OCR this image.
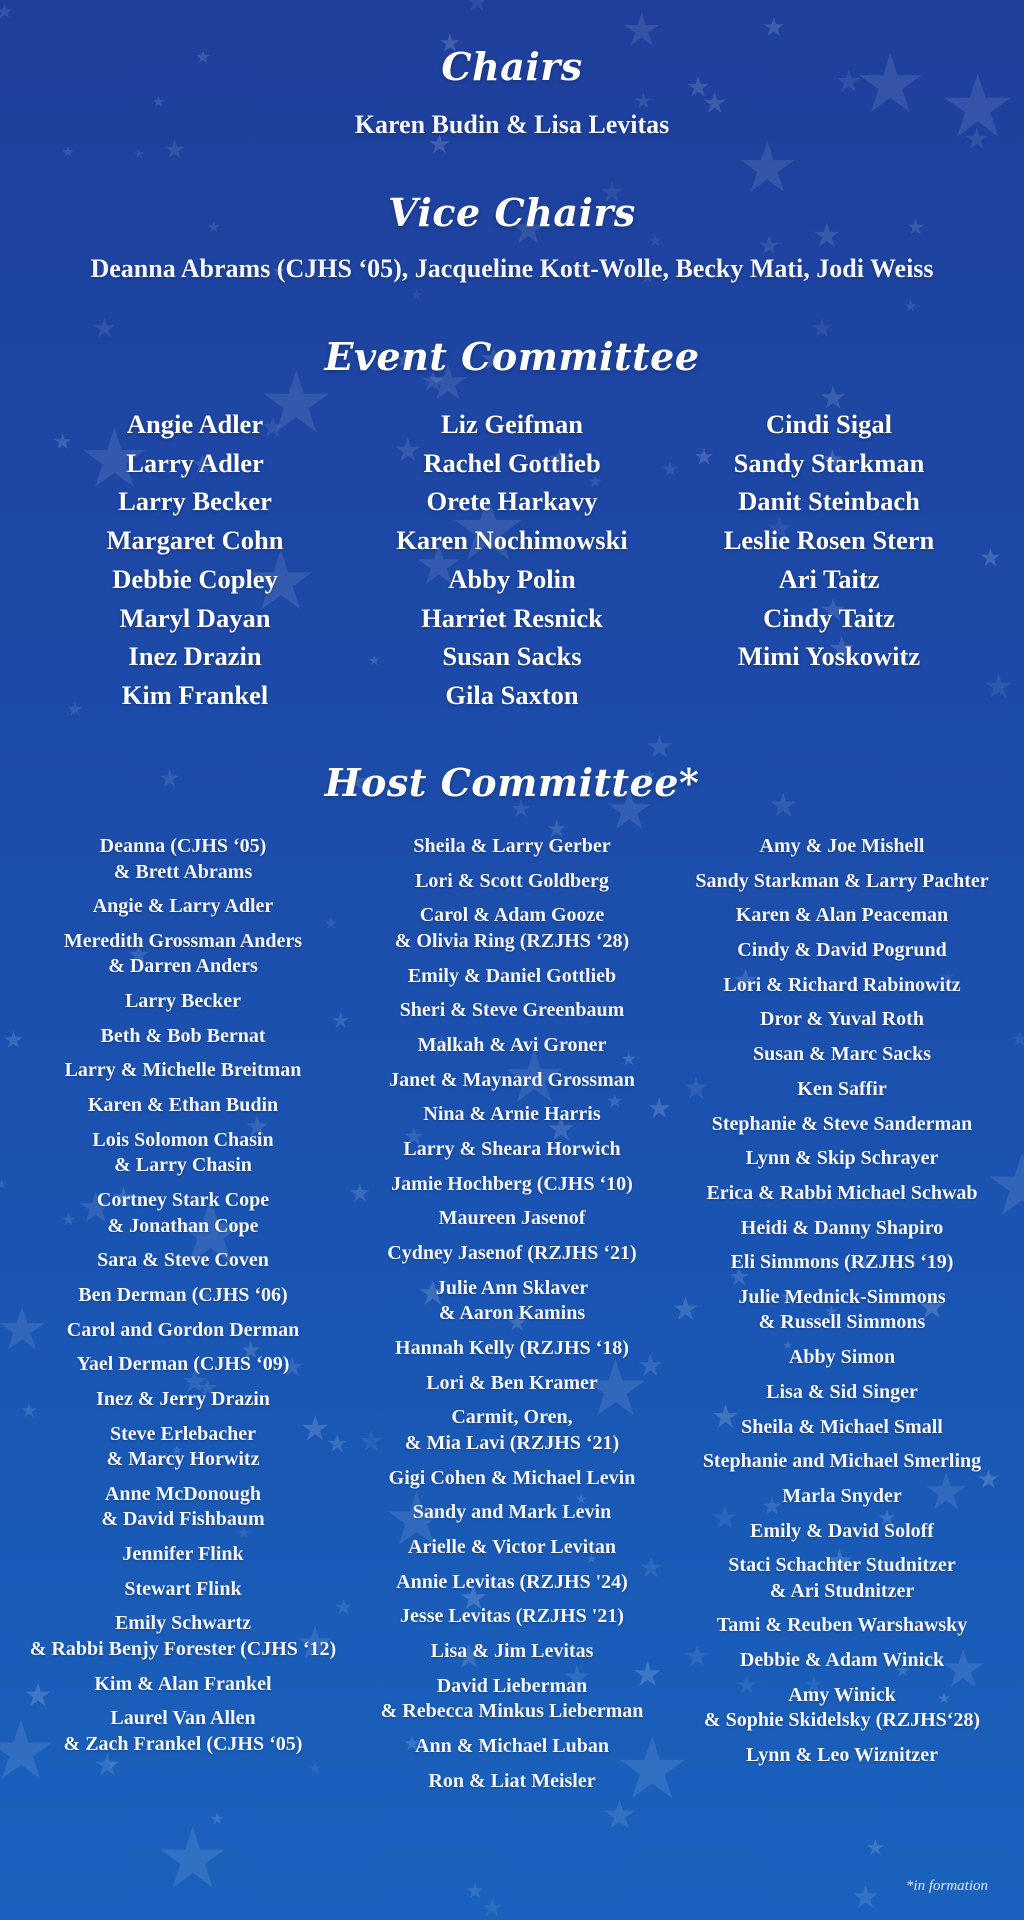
Chairs
Karen Budin & Lisa Levitas
Vice Chairs
Deanna Abrams (CJHS ‘05), Jacqueline Kott-Wolle, Becky Mati, Jodi Weiss
Event Committee
Angie Adler
Larry Adler
Larry Becker
Margaret Cohn
Debbie Copley
Maryl Dayan
Inez Drazin
Kim Frankel
Liz Geifman
Rachel Gottlieb
Orete Harkavy
Karen Nochimowski
Abby Polin
Harriet Resnick
Susan Sacks
Gila Saxton
Cindi Sigal
Sandy Starkman
Danit Steinbach
Leslie Rosen Stern
Ari Taitz
Cindy Taitz
Mimi Yoskowitz
Host Committee*
Deanna (CJHS ‘05)
& Brett Abrams
Angie & Larry Adler
Meredith Grossman Anders
& Darren Anders
Larry Becker
Beth & Bob Bernat
Larry & Michelle Breitman
Karen & Ethan Budin
Lois Solomon Chasin
& Larry Chasin
Cortney Stark Cope
& Jonathan Cope
Sara & Steve Coven
Ben Derman (CJHS ‘06)
Carol and Gordon Derman
Yael Derman (CJHS ‘09)
Inez & Jerry Drazin
Steve Erlebacher
& Marcy Horwitz
Anne McDonough
& David Fishbaum
Jennifer Flink
Stewart Flink
Emily Schwartz
& Rabbi Benjy Forester (CJHS ‘12)
Kim & Alan Frankel
Laurel Van Allen
& Zach Frankel (CJHS ‘05)
Sheila & Larry Gerber
Lori & Scott Goldberg
Carol & Adam Gooze
& Olivia Ring (RZJHS ‘28)
Emily & Daniel Gottlieb
Sheri & Steve Greenbaum
Malkah & Avi Groner
Janet & Maynard Grossman
Nina & Arnie Harris
Larry & Sheara Horwich
Jamie Hochberg (CJHS ‘10)
Maureen Jasenof
Cydney Jasenof (RZJHS ‘21)
Julie Ann Sklaver
& Aaron Kamins
Hannah Kelly (RZJHS ‘18)
Lori & Ben Kramer
Carmit, Oren,
& Mia Lavi (RZJHS ‘21)
Gigi Cohen & Michael Levin
Sandy and Mark Levin
Arielle & Victor Levitan
Annie Levitas (RZJHS '24)
Jesse Levitas (RZJHS '21)
Lisa & Jim Levitas
David Lieberman
& Rebecca Minkus Lieberman
Ann & Michael Luban
Ron & Liat Meisler
Amy & Joe Mishell
Sandy Starkman & Larry Pachter
Karen & Alan Peaceman
Cindy & David Pogrund
Lori & Richard Rabinowitz
Dror & Yuval Roth
Susan & Marc Sacks
Ken Saffir
Stephanie & Steve Sanderman
Lynn & Skip Schrayer
Erica & Rabbi Michael Schwab
Heidi & Danny Shapiro
Eli Simmons (RZJHS ‘19)
Julie Mednick-Simmons
& Russell Simmons
Abby Simon
Lisa & Sid Singer
Sheila & Michael Small
Stephanie and Michael Smerling
Marla Snyder
Emily & David Soloff
Staci Schachter Studnitzer
& Ari Studnitzer
Tami & Reuben Warshawsky
Debbie & Adam Winick
Amy Winick
& Sophie Skidelsky (RZJHS‘28)
Lynn & Leo Wiznitzer
*in formation
